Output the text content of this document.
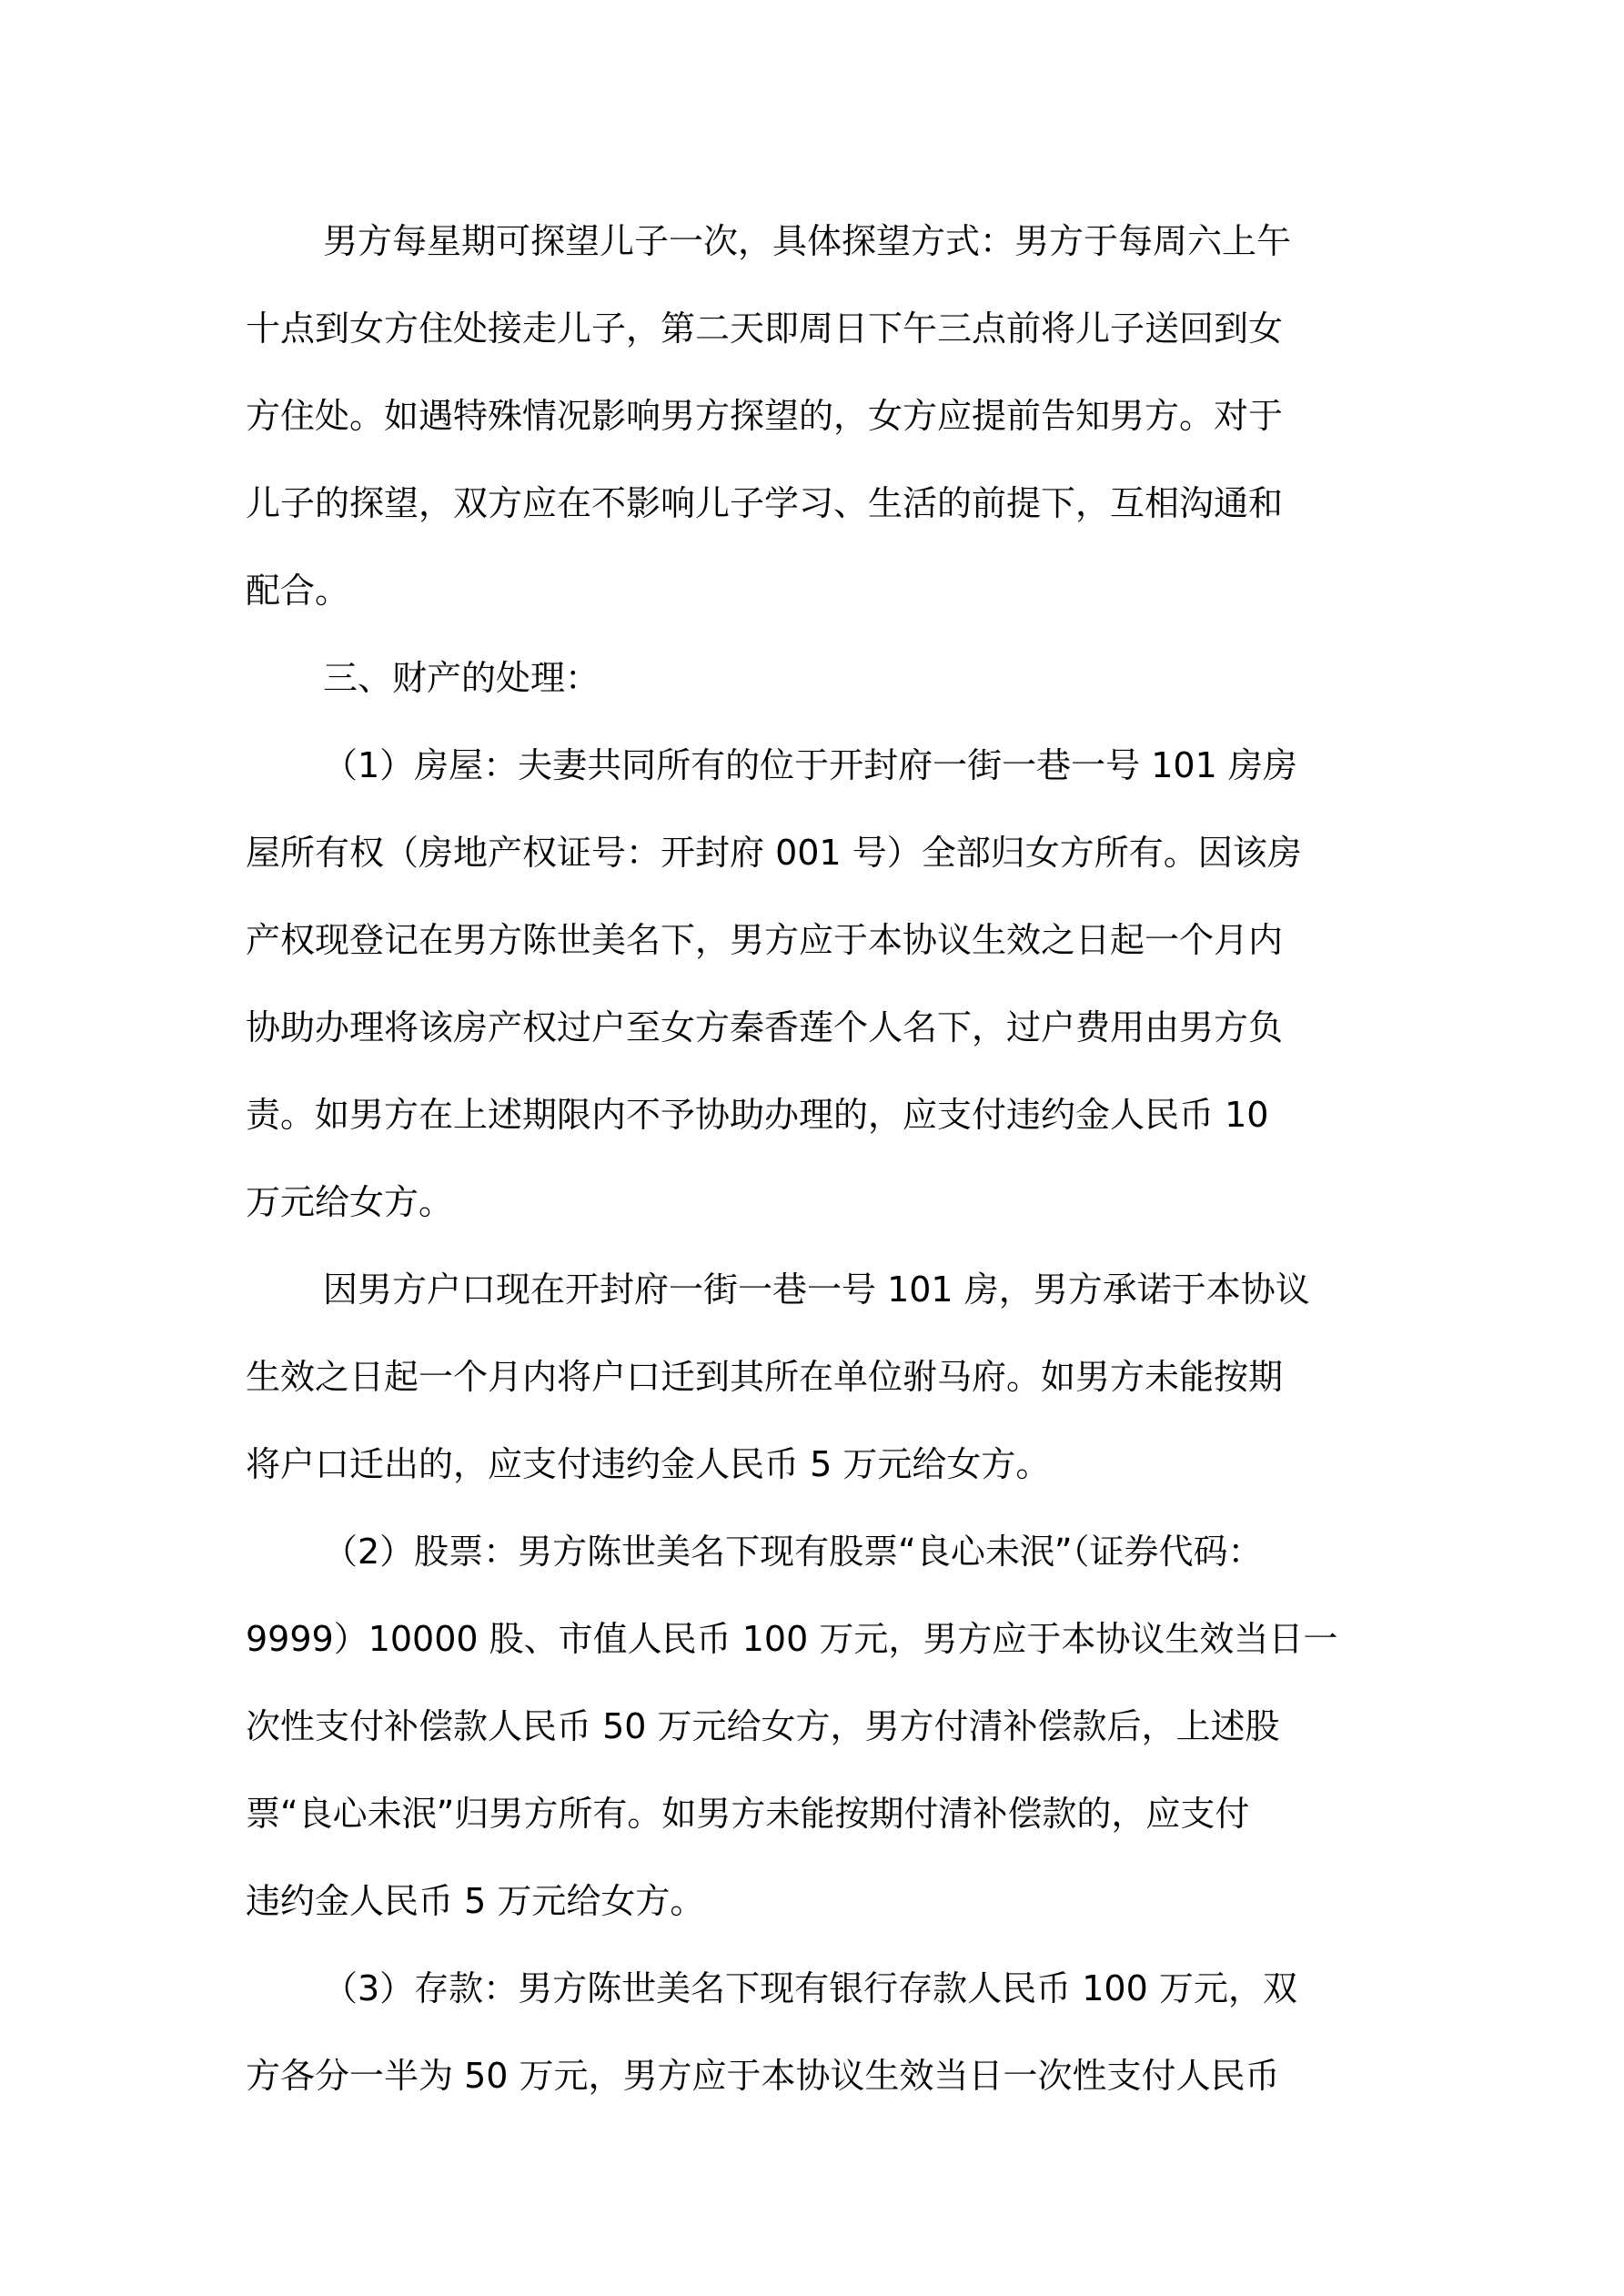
男方每星期可探望儿子一次，具体探望方式：男方于每周六上午
十点到女方住处接走儿子，第二天即周日下午三点前将儿子送回到女
方住处。如遇特殊情况影响男方探望的，女方应提前告知男方。对于
儿子的探望，双方应在不影响儿子学习、生活的前提下，互相沟通和
配合。
三、财产的处理：
（1）房屋：夫妻共同所有的位于开封府一街一巷一号 101 房房
屋所有权（房地产权证号：开封府 001 号）全部归女方所有。因该房
产权现登记在男方陈世美名下，男方应于本协议生效之日起一个月内
协助办理将该房产权过户至女方秦香莲个人名下，过户费用由男方负
责。如男方在上述期限内不予协助办理的，应支付违约金人民币 10
万元给女方。
因男方户口现在开封府一街一巷一号 101 房，男方承诺于本协议
生效之日起一个月内将户口迁到其所在单位驸马府。如男方未能按期
将户口迁出的，应支付违约金人民币 5 万元给女方。
（2）股票：男方陈世美名下现有股票“良心未泯”（证券代码：
9999）10000 股、市值人民币 100 万元，男方应于本协议生效当日一
次性支付补偿款人民币 50 万元给女方，男方付清补偿款后，上述股
票“良心未泯”归男方所有。如男方未能按期付清补偿款的，应支付
违约金人民币 5 万元给女方。
（3）存款：男方陈世美名下现有银行存款人民币 100 万元，双
方各分一半为 50 万元，男方应于本协议生效当日一次性支付人民币
